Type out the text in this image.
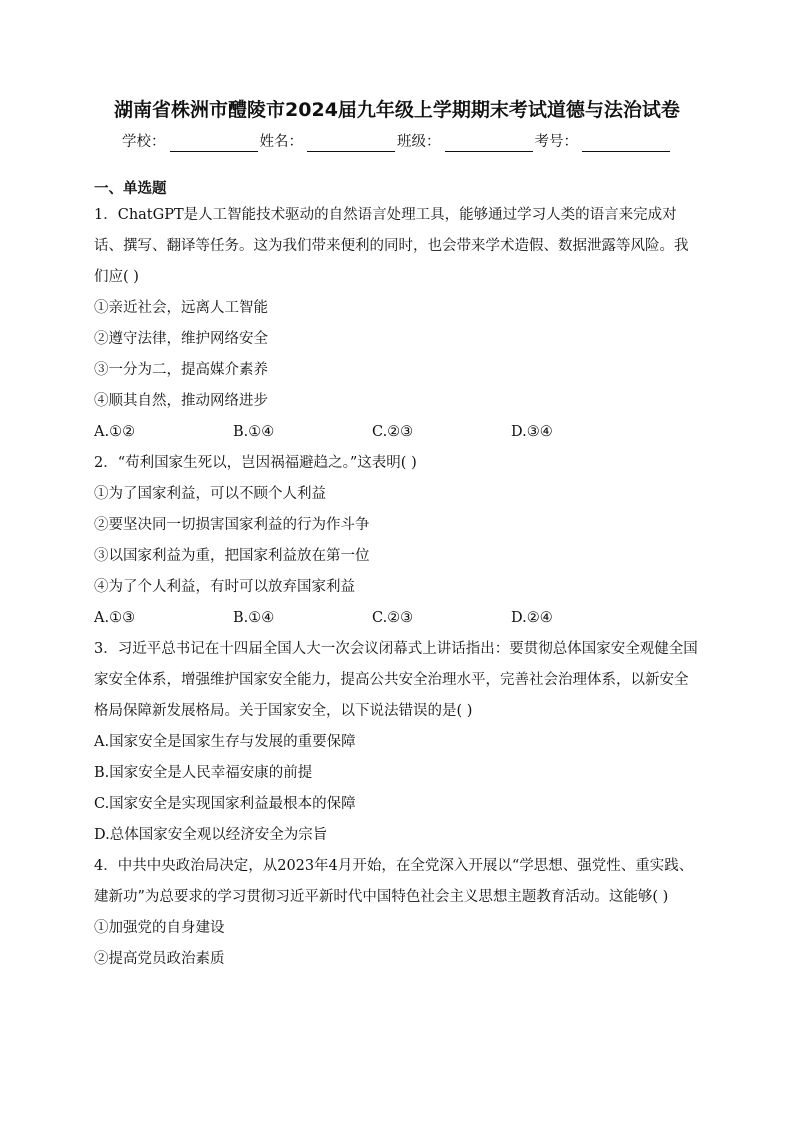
湖南省株洲市醴陵市2024届九年级上学期期末考试道德与法治试卷
学校：	姓名：	班级：	考号：
一、单选题

1．ChatGPT是人工智能技术驱动的自然语言处理工具，能够通过学习人类的语言来完成对话、撰写、翻译等任务。这为我们带来便利的同时，也会带来学术造假、数据泄露等风险。我们应( )

①亲近社会，远离人工智能

②遵守法律，维护网络安全

③一分为二，提高媒介素养

④顺其自然，推动网络进步

A.①②	B.①④	C.②③	D.③④

2．“苟利国家生死以，岂因祸福避趋之。”这表明( )

①为了国家利益，可以不顾个人利益

②要坚决同一切损害国家利益的行为作斗争

③以国家利益为重，把国家利益放在第一位

④为了个人利益，有时可以放弃国家利益

A.①③	B.①④	C.②③	D.②④

3．习近平总书记在十四届全国人大一次会议闭幕式上讲话指出：要贯彻总体国家安全观健全国家安全体系，增强维护国家安全能力，提高公共安全治理水平，完善社会治理体系，以新安全格局保障新发展格局。关于国家安全，以下说法错误的是( )

A.国家安全是国家生存与发展的重要保障

B.国家安全是人民幸福安康的前提

C.国家安全是实现国家利益最根本的保障

D.总体国家安全观以经济安全为宗旨

4．中共中央政治局决定，从2023年4月开始，在全党深入开展以“学思想、强党性、重实践、建新功”为总要求的学习贯彻习近平新时代中国特色社会主义思想主题教育活动。这能够( )

①加强党的自身建设

②提高党员政治素质
